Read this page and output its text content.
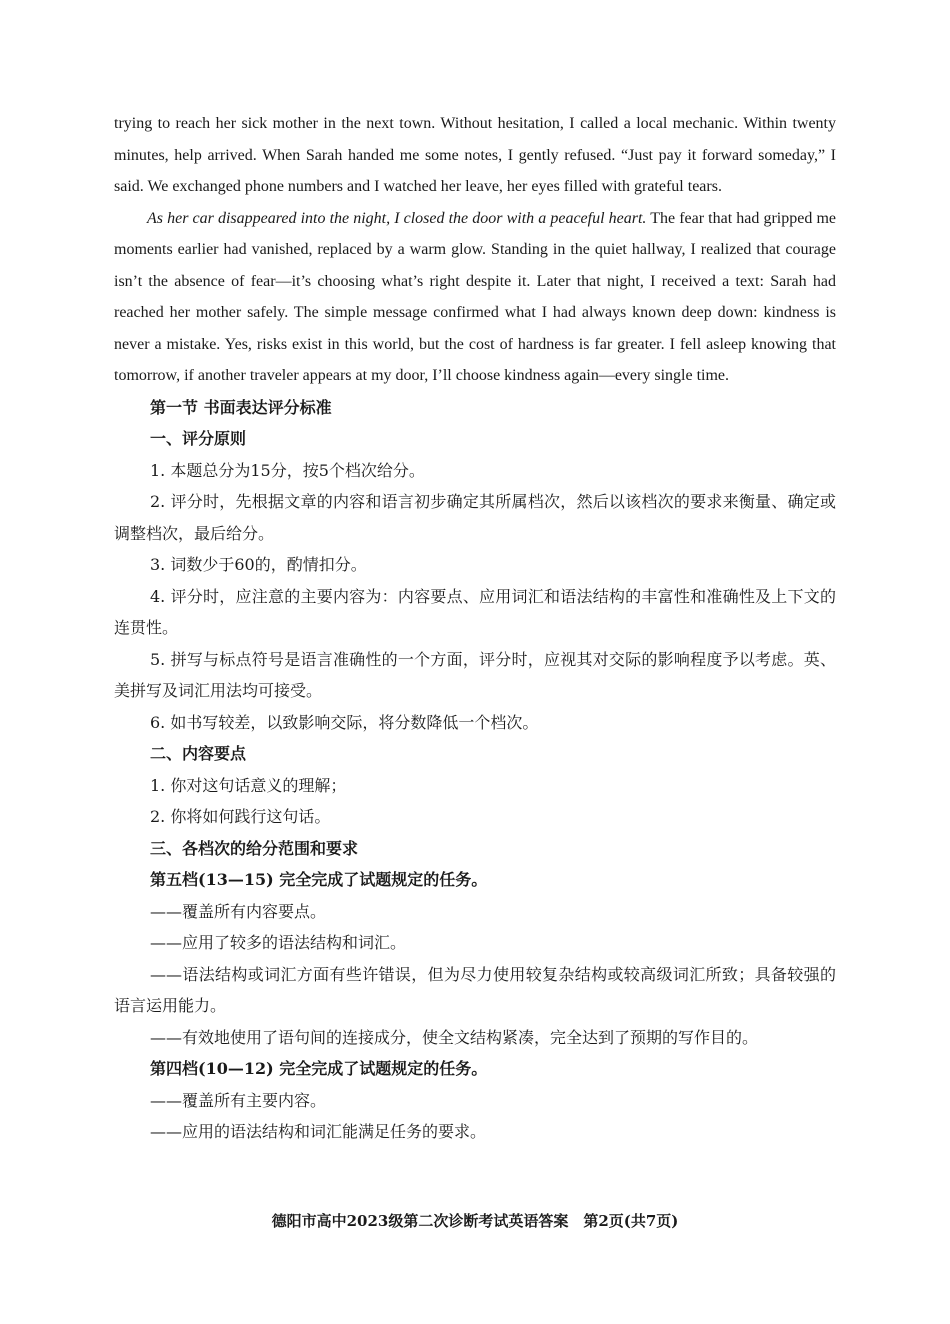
trying to reach her sick mother in the next town. Without hesitation, I called a local mechanic. Within twenty minutes, help arrived. When Sarah handed me some notes, I gently refused. “Just pay it forward someday,” I said. We exchanged phone numbers and I watched her leave, her eyes filled with grateful tears.

As her car disappeared into the night, I closed the door with a peaceful heart. The fear that had gripped me moments earlier had vanished, replaced by a warm glow. Standing in the quiet hallway, I realized that courage isn’t the absence of fear—it’s choosing what’s right despite it. Later that night, I received a text: Sarah had reached her mother safely. The simple message confirmed what I had always known deep down: kindness is never a mistake. Yes, risks exist in this world, but the cost of hardness is far greater. I fell asleep knowing that tomorrow, if another traveler appears at my door, I’ll choose kindness again—every single time.

第一节 书面表达评分标准

一、评分原则

1. 本题总分为15分，按5个档次给分。

2. 评分时，先根据文章的内容和语言初步确定其所属档次，然后以该档次的要求来衡量、确定或调整档次，最后给分。

3. 词数少于60的，酌情扣分。

4. 评分时，应注意的主要内容为：内容要点、应用词汇和语法结构的丰富性和准确性及上下文的连贯性。

5. 拼写与标点符号是语言准确性的一个方面，评分时，应视其对交际的影响程度予以考虑。英、美拼写及词汇用法均可接受。

6. 如书写较差，以致影响交际，将分数降低一个档次。

二、内容要点

1. 你对这句话意义的理解；

2. 你将如何践行这句话。

三、各档次的给分范围和要求

第五档(13—15) 完全完成了试题规定的任务。

——覆盖所有内容要点。

——应用了较多的语法结构和词汇。

——语法结构或词汇方面有些许错误，但为尽力使用较复杂结构或较高级词汇所致；具备较强的语言运用能力。

——有效地使用了语句间的连接成分，使全文结构紧凑，完全达到了预期的写作目的。

第四档(10—12) 完全完成了试题规定的任务。

——覆盖所有主要内容。

——应用的语法结构和词汇能满足任务的要求。

德阳市高中2023级第二次诊断考试英语答案　第2页(共7页)
